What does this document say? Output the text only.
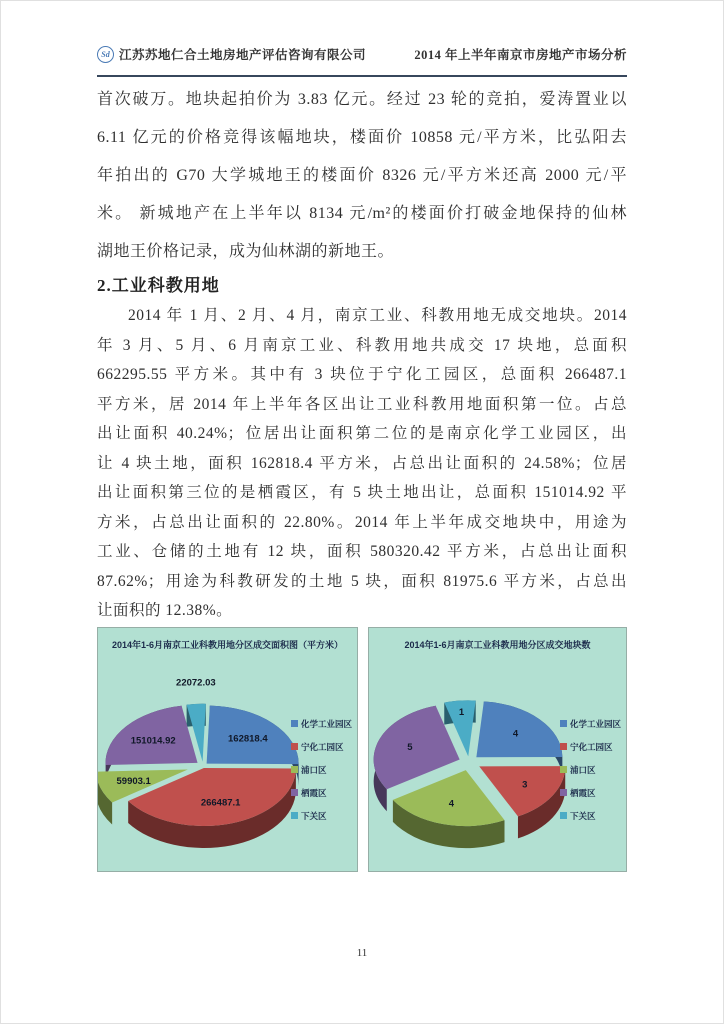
Sd 江苏苏地仁合土地房地产评估咨询有限公司	2014 年上半年南京市房地产市场分析
首次破万。地块起拍价为 3.83 亿元。经过 23 轮的竞拍，爱涛置业以
6.11 亿元的价格竞得该幅地块，楼面价 10858 元/平方米，比弘阳去
年拍出的 G70 大学城地王的楼面价 8326 元/平方米还高 2000 元/平
米。 新城地产在上半年以 8134 元/m²的楼面价打破金地保持的仙林
湖地王价格记录，成为仙林湖的新地王。
2.工业科教用地
2014 年 1 月、2 月、4 月，南京工业、科教用地无成交地块。2014
年 3 月、5 月、6 月南京工业、科教用地共成交 17 块地，总面积
662295.55 平方米。其中有 3 块位于宁化工园区，总面积 266487.1
平方米，居 2014 年上半年各区出让工业科教用地面积第一位。占总
出让面积 40.24%；位居出让面积第二位的是南京化学工业园区，出
让 4 块土地，面积 162818.4 平方米，占总出让面积的 24.58%；位居
出让面积第三位的是栖霞区，有 5 块土地出让，总面积 151014.92 平
方米，占总出让面积的 22.80%。2014 年上半年成交地块中，用途为
工业、仓储的土地有 12 块，面积 580320.42 平方米，占总出让面积
87.62%；用途为科教研发的土地 5 块，面积 81975.6 平方米，占总出
让面积的 12.38%。
162818.4
266487.1
59903.1
151014.92
22072.03
2014年1-6月南京工业科教用地分区成交面积图（平方米）
化学工业园区
宁化工园区
浦口区
栖霞区
下关区
4
3
4
5
1
2014年1-6月南京工业科教用地分区成交地块数
化学工业园区
宁化工园区
浦口区
栖霞区
下关区
11
